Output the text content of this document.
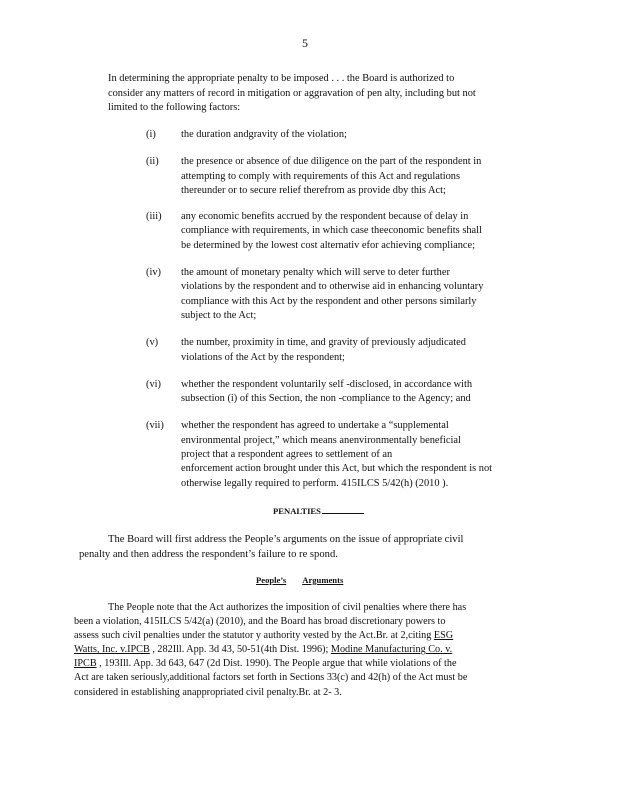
5
In determining the appropriate penalty to be imposed . . . the Board is authorized to
consider any matters of record in mitigation or aggravation of pen alty, including but not
limited to the following factors:
(i) the duration andgravity of the violation;
(ii) the presence or absence of due diligence on the part of the respondent in
attempting to comply with requirements of this Act and regulations
thereunder or to secure relief therefrom as provide dby this Act;
(iii) any economic benefits accrued by the respondent because of delay in
compliance with requirements, in which case theeconomic benefits shall
be determined by the lowest cost alternativ efor achieving compliance;
(iv) the amount of monetary penalty which will serve to deter further
violations by the respondent and to otherwise aid in enhancing voluntary
compliance with this Act by the respondent and other persons similarly
subject to the Act;
(v) the number, proximity in time, and gravity of previously adjudicated
violations of the Act by the respondent;
(vi) whether the respondent voluntarily self -disclosed, in accordance with
subsection (i) of this Section, the non -compliance to the Agency; and
(vii) whether the respondent has agreed to undertake a “supplemental
environmental project,” which means anenvironmentally beneficial
project that a respondent agrees to settlement of an
enforcement action brought under this Act, but which the respondent is not
otherwise legally required to perform. 415ILCS 5/42(h) (2010 ).
PENALTIES
The Board will first address the People’s arguments on the issue of appropriate civil
penalty and then address the respondent’s failure to re spond.
People’s Arguments
The People note that the Act authorizes the imposition of civil penalties where there has
been a violation, 415ILCS 5/42(a) (2010), and the Board has broad discretionary powers to
assess such civil penalties under the statutor y authority vested by the Act.Br. at 2,citing ESG
Watts, Inc. v.IPCB , 282Ill. App. 3d 43, 50-51(4th Dist. 1996); Modine Manufacturing Co. v.
IPCB , 193Ill. App. 3d 643, 647 (2d Dist. 1990). The People argue that while violations of the
Act are taken seriously,additional factors set forth in Sections 33(c) and 42(h) of the Act must be
considered in establishing anappropriated civil penalty.Br. at 2- 3.
